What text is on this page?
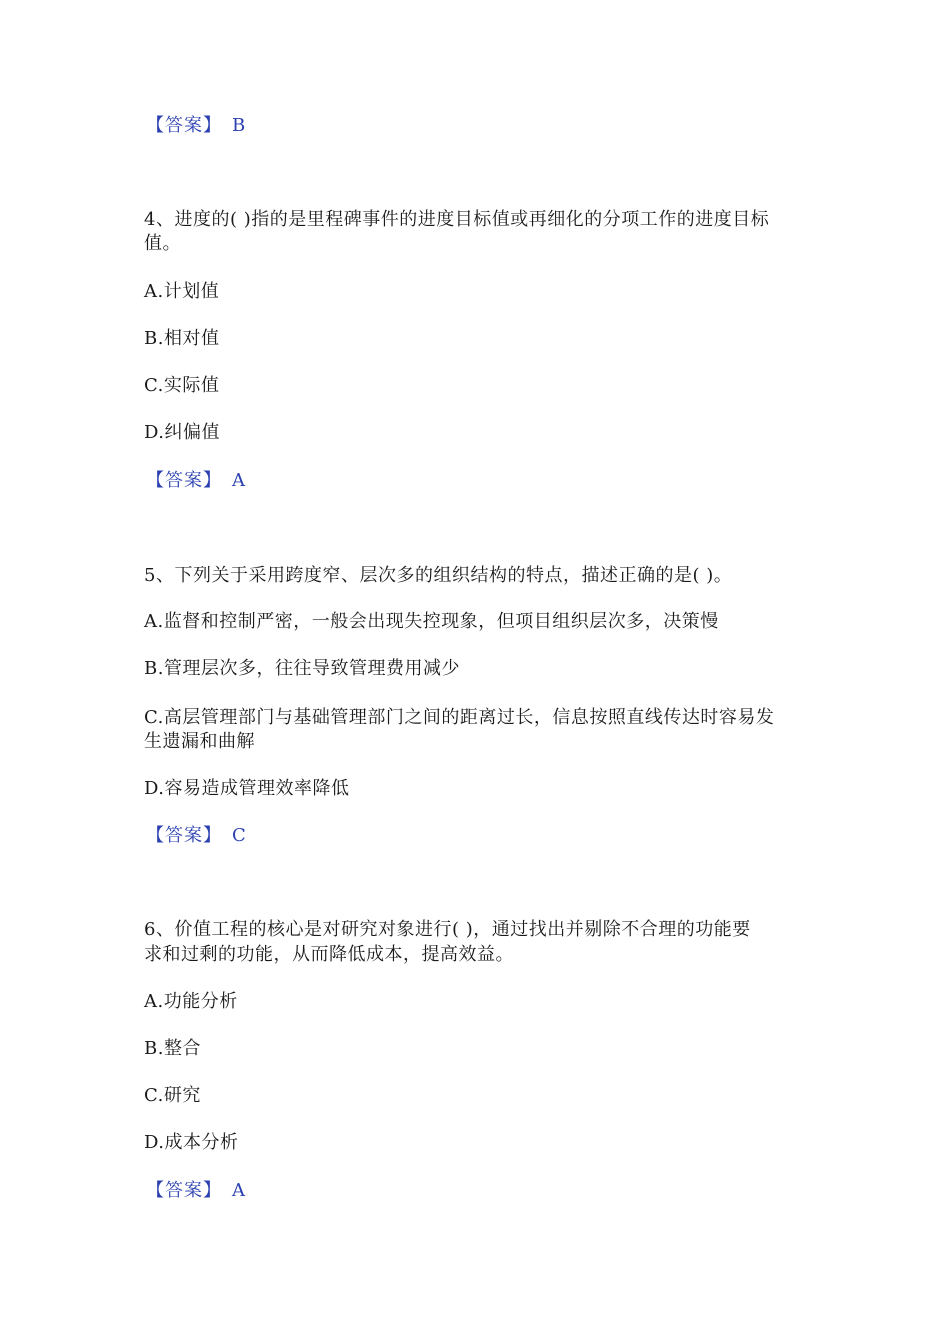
【答案】 B
4、进度的( )指的是里程碑事件的进度目标值或再细化的分项工作的进度目标
值。
A.计划值
B.相对值
C.实际值
D.纠偏值
【答案】 A
5、下列关于采用跨度窄、层次多的组织结构的特点，描述正确的是( )。
A.监督和控制严密，一般会出现失控现象，但项目组织层次多，决策慢
B.管理层次多，往往导致管理费用减少
C.高层管理部门与基础管理部门之间的距离过长，信息按照直线传达时容易发
生遗漏和曲解
D.容易造成管理效率降低
【答案】 C
6、价值工程的核心是对研究对象进行( )，通过找出并剔除不合理的功能要
求和过剩的功能，从而降低成本，提高效益。
A.功能分析
B.整合
C.研究
D.成本分析
【答案】 A
